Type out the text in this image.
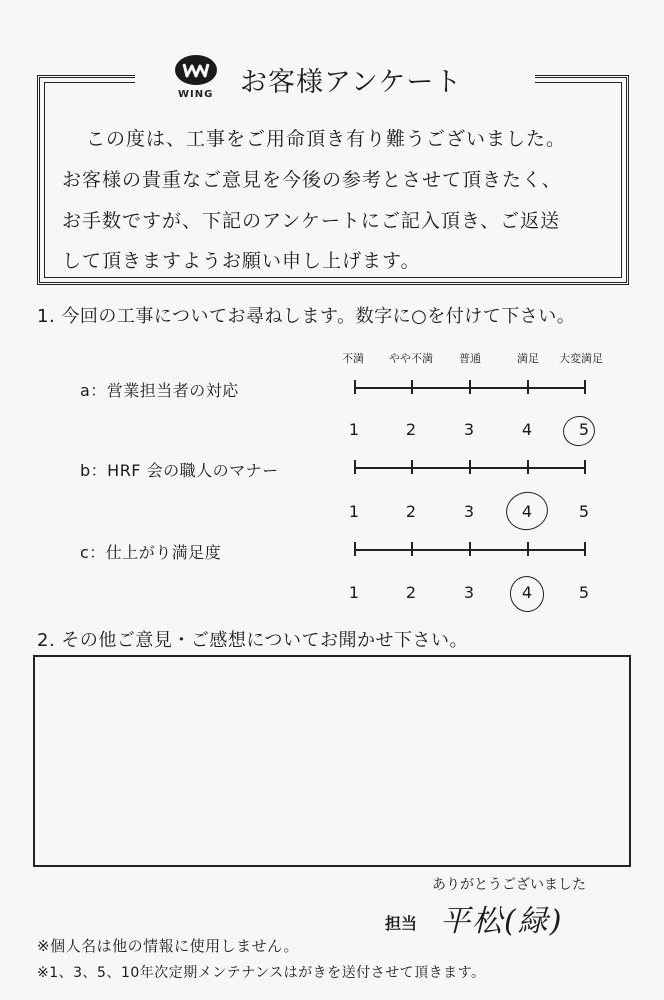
WING お客様アンケート
この度は、工事をご用命頂き有り難うございました。
お客様の貴重なご意見を今後の参考とさせて頂きたく、
お手数ですが、下記のアンケートにご記入頂き、ご返送
して頂きますようお願い申し上げます。
1. 今回の工事についてお尋ねします。数字に○を付けて下さい。
不満 やや不満 普通	満足 大変満足
a：営業担当者の対応
1	2	3	4	5
b：HRF 会の職人のマナー
1	2	3	4	5
c：仕上がり満足度
1	2	3	4	5
2. その他ご意見・ご感想についてお聞かせ下さい。
ありがとうございました
担当 平松(緑)
※個人名は他の情報に使用しません。
※1、3、5、10年次定期メンテナンスはがきを送付させて頂きます。
